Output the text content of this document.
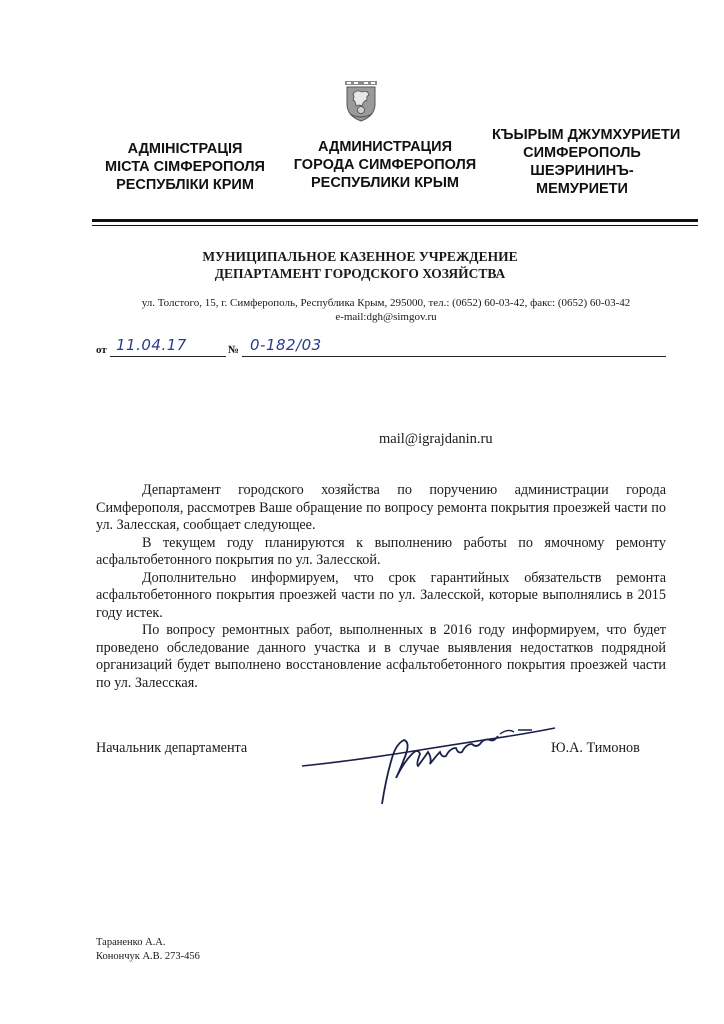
АДМІНІСТРАЦІЯ
МІСТА СІМФЕРОПОЛЯ
РЕСПУБЛІКИ КРИМ
АДМИНИСТРАЦИЯ
ГОРОДА СИМФЕРОПОЛЯ
РЕСПУБЛИКИ КРЫМ
КЪЫРЫМ ДЖУМХУРИЕТИ
СИМФЕРОПОЛЬ
ШЕЭРИНИНЪ-
МЕМУРИЕТИ
МУНИЦИПАЛЬНОЕ КАЗЕННОЕ УЧРЕЖДЕНИЕ
ДЕПАРТАМЕНТ ГОРОДСКОГО ХОЗЯЙСТВА
ул. Толстого, 15, г. Симферополь, Республика Крым, 295000, тел.: (0652) 60-03-42, факс: (0652) 60-03-42
e-mail:dgh@simgov.ru
от 11.04.17	№ 0-182/03
mail@igrajdanin.ru

Департамент городского хозяйства по поручению администрации города Симферополя, рассмотрев Ваше обращение по вопросу ремонта покрытия проезжей части по ул. Залесская, сообщает следующее.

В текущем году планируются к выполнению работы по ямочному ремонту асфальтобетонного покрытия по ул. Залесской.

Дополнительно информируем, что срок гарантийных обязательств ремонта асфальтобетонного покрытия проезжей части по ул. Залесской, которые выполнялись в 2015 году истек.

По вопросу ремонтных работ, выполненных в 2016 году информируем, что будет проведено обследование данного участка и в случае выявления недостатков подрядной организаций будет выполнено восстановление асфальтобетонного покрытия проезжей части по ул. Залесская.

Начальник департамента	Ю.А. Тимонов
Тараненко А.А.
Конончук А.В. 273-456
